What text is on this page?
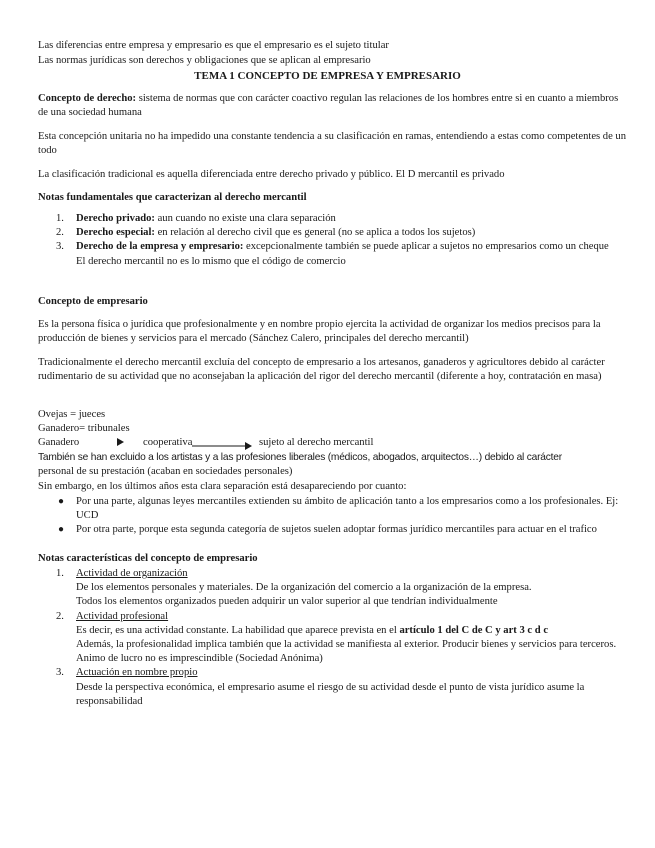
Las diferencias entre empresa y empresario es que el empresario es el sujeto titular

Las normas jurídicas son derechos y obligaciones que se aplican al empresario

TEMA 1 CONCEPTO DE EMPRESA Y EMPRESARIO

Concepto de derecho: sistema de normas que con carácter coactivo regulan las relaciones de los hombres entre si en cuanto a miembros de una sociedad humana

Esta concepción unitaria no ha impedido una constante tendencia a su clasificación en ramas, entendiendo a estas como competentes de un todo

La clasificación tradicional es aquella diferenciada entre derecho privado y público. El D mercantil es privado

Notas fundamentales que caracterizan al derecho mercantil

1. Derecho privado: aun cuando no existe una clara separación
2. Derecho especial: en relación al derecho civil que es general (no se aplica a todos los sujetos)
3. Derecho de la empresa y empresario: excepcionalmente también se puede aplicar a sujetos no empresarios como un cheque
El derecho mercantil no es lo mismo que el código de comercio

Concepto de empresario

Es la persona física o jurídica que profesionalmente y en nombre propio ejercita la actividad de organizar los medios precisos para la producción de bienes y servicios para el mercado (Sánchez Calero, principales del derecho mercantil)

Tradicionalmente el derecho mercantil excluía del concepto de empresario a los artesanos, ganaderos y agricultores debido al carácter rudimentario de su actividad que no aconsejaban la aplicación del rigor del derecho mercantil (diferente a hoy, contratación en masa)

Ovejas = jueces

Ganadero= tribunales

Ganadero	cooperativa	sujeto al derecho mercantil

También se han excluido a los artistas y a las profesiones liberales (médicos, abogados, arquitectos…) debido al carácter

personal de su prestación (acaban en sociedades personales)

Sin embargo, en los últimos años esta clara separación está desapareciendo por cuanto:

● Por una parte, algunas leyes mercantiles extienden su ámbito de aplicación tanto a los empresarios como a los profesionales. Ej: UCD
● Por otra parte, porque esta segunda categoría de sujetos suelen adoptar formas jurídico mercantiles para actuar en el trafico

Notas características del concepto de empresario

1. Actividad de organización
De los elementos personales y materiales. De la organización del comercio a la organización de la empresa.
Todos los elementos organizados pueden adquirir un valor superior al que tendrían individualmente
2. Actividad profesional
Es decir, es una actividad constante. La habilidad que aparece prevista en el artículo 1 del C de C y art 3 c d c
Además, la profesionalidad implica también que la actividad se manifiesta al exterior. Producir bienes y servicios para terceros. Animo de lucro no es imprescindible (Sociedad Anónima)
3. Actuación en nombre propio
Desde la perspectiva económica, el empresario asume el riesgo de su actividad desde el punto de vista jurídico asume la responsabilidad
